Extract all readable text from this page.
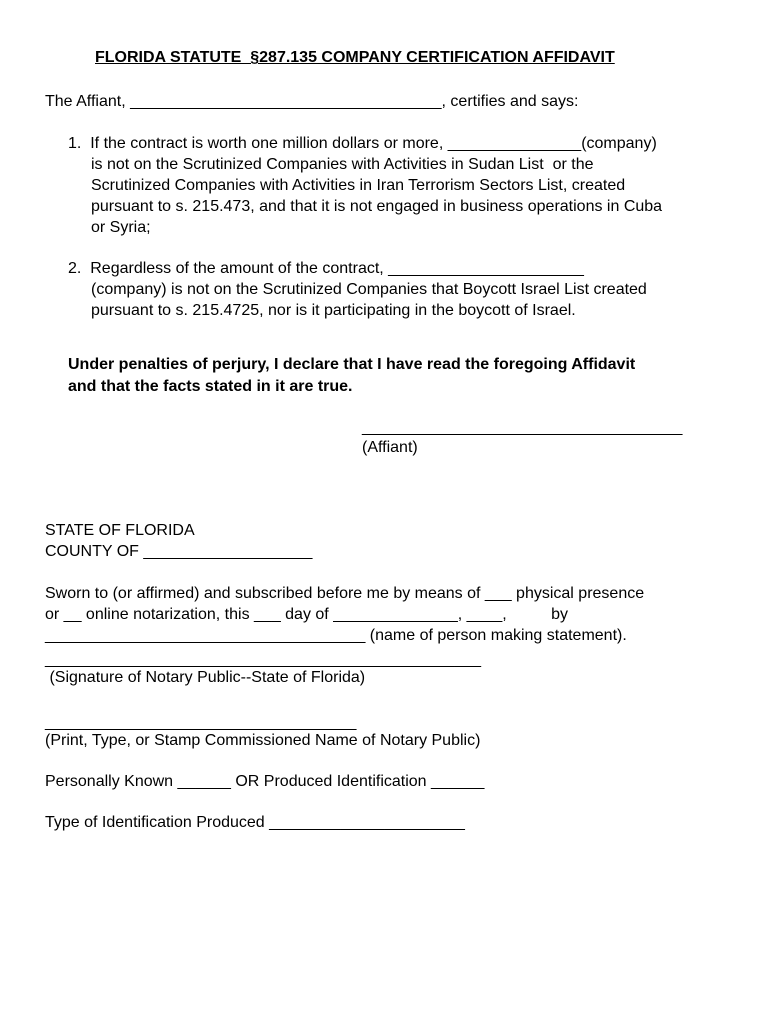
FLORIDA STATUTE  §287.135 COMPANY CERTIFICATION AFFIDAVIT
The Affiant, ___________________________________, certifies and says:
1.  If the contract is worth one million dollars or more, _______________(company)
is not on the Scrutinized Companies with Activities in Sudan List  or the
Scrutinized Companies with Activities in Iran Terrorism Sectors List, created
pursuant to s. 215.473, and that it is not engaged in business operations in Cuba
or Syria;
2.  Regardless of the amount of the contract, ______________________
(company) is not on the Scrutinized Companies that Boycott Israel List created
pursuant to s. 215.4725, nor is it participating in the boycott of Israel.
Under penalties of perjury, I declare that I have read the foregoing Affidavit
and that the facts stated in it are true.
____________________________________
(Affiant)
STATE OF FLORIDA
COUNTY OF ___________________
Sworn to (or affirmed) and subscribed before me by means of ___ physical presence
or __ online notarization, this ___ day of ______________, ____,          by
____________________________________ (name of person making statement).
_________________________________________________
(Signature of Notary Public--State of Florida)
___________________________________
(Print, Type, or Stamp Commissioned Name of Notary Public)
Personally Known ______ OR Produced Identification ______
Type of Identification Produced ______________________
